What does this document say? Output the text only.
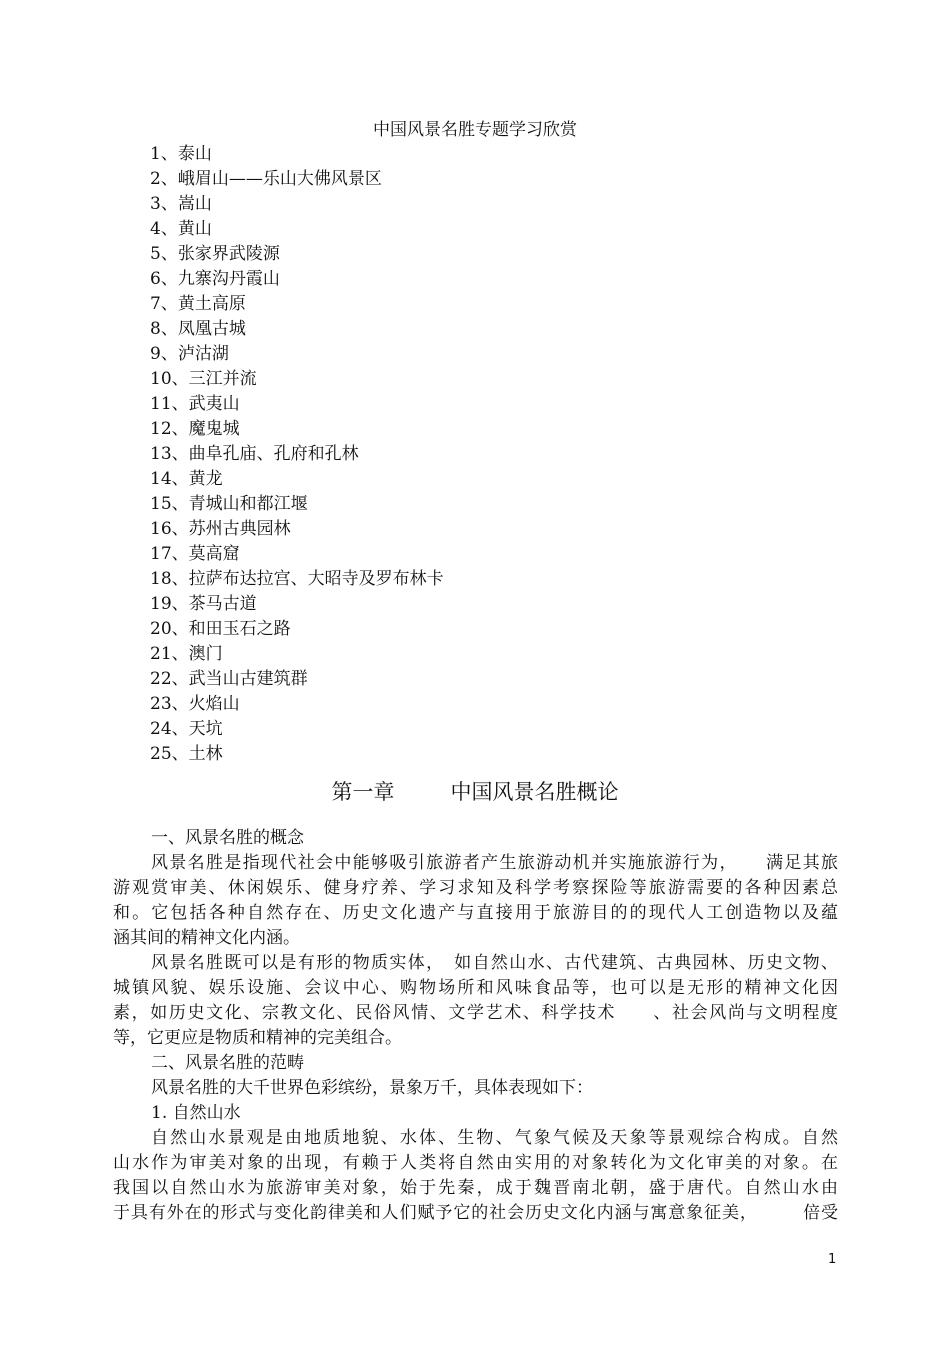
中国风景名胜专题学习欣赏
1、泰山
2、峨眉山——乐山大佛风景区
3、嵩山
4、黄山
5、张家界武陵源
6、九寨沟丹霞山
7、黄土高原
8、凤凰古城
9、泸沽湖
10、三江并流
11、武夷山
12、魔鬼城
13、曲阜孔庙、孔府和孔林
14、黄龙
15、青城山和都江堰
16、苏州古典园林
17、莫高窟
18、拉萨布达拉宫、大昭寺及罗布林卡
19、茶马古道
20、和田玉石之路
21、澳门
22、武当山古建筑群
23、火焰山
24、天坑
25、土林
第一章	中国风景名胜概论
一、风景名胜的概念
风景名胜是指现代社会中能够吸引旅游者产生旅游动机并实施旅游行为，　　满足其旅
游观赏审美、休闲娱乐、健身疗养、学习求知及科学考察探险等旅游需要的各种因素总
和。它包括各种自然存在、历史文化遗产与直接用于旅游目的的现代人工创造物以及蕴
涵其间的精神文化内涵。
风景名胜既可以是有形的物质实体，　如自然山水、古代建筑、古典园林、历史文物、
城镇风貌、娱乐设施、会议中心、购物场所和风味食品等，也可以是无形的精神文化因
素，如历史文化、宗教文化、民俗风情、文学艺术、科学技术　　、社会风尚与文明程度
等，它更应是物质和精神的完美组合。
二、风景名胜的范畴
风景名胜的大千世界色彩缤纷，景象万千，具体表现如下：
1. 自然山水
自然山水景观是由地质地貌、水体、生物、气象气候及天象等景观综合构成。自然
山水作为审美对象的出现，有赖于人类将自然由实用的对象转化为文化审美的对象。在
我国以自然山水为旅游审美对象，始于先秦，成于魏晋南北朝，盛于唐代。自然山水由
于具有外在的形式与变化韵律美和人们赋予它的社会历史文化内涵与寓意象征美，　　　倍受
1
